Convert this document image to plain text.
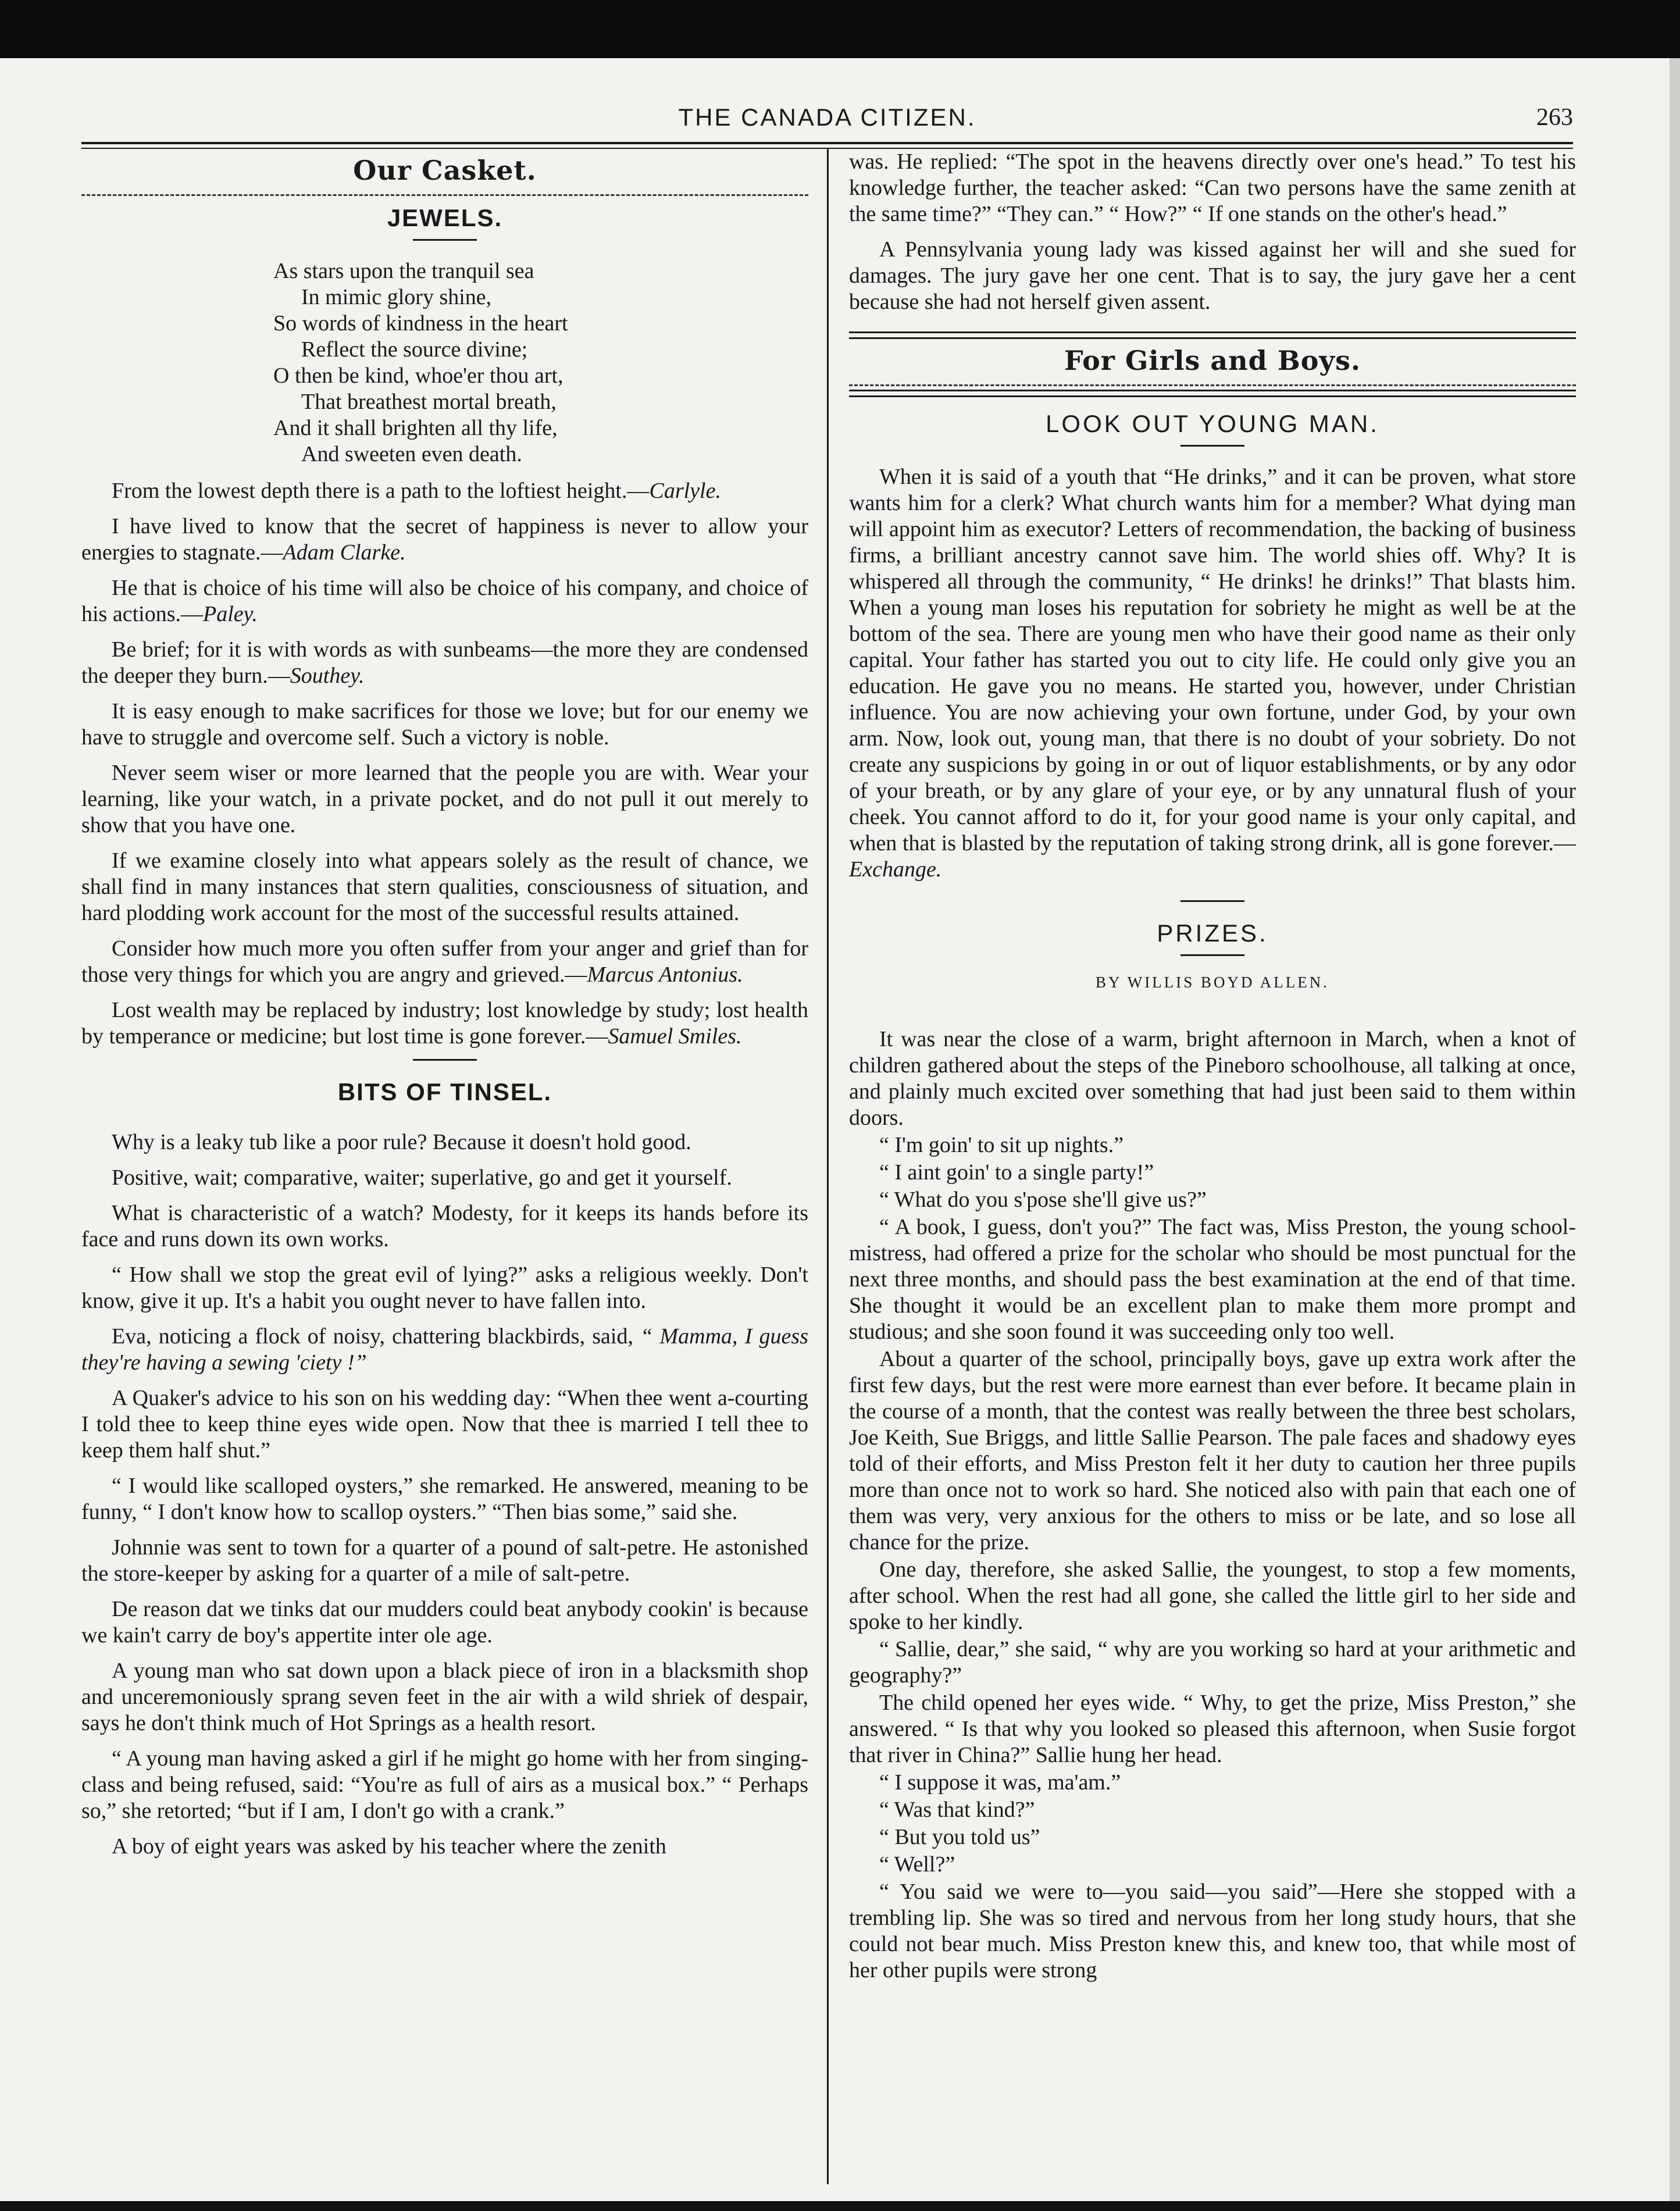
THE CANADA CITIZEN.	263
Our Casket.
JEWELS.
As stars upon the tranquil sea
In mimic glory shine,
So words of kindness in the heart
Reflect the source divine;
O then be kind, whoe'er thou art,
That breathest mortal breath,
And it shall brighten all thy life,
And sweeten even death.

From the lowest depth there is a path to the loftiest height.—Carlyle.

I have lived to know that the secret of happiness is never to allow your energies to stagnate.—Adam Clarke.

He that is choice of his time will also be choice of his company, and choice of his actions.—Paley.

Be brief; for it is with words as with sunbeams—the more they are condensed the deeper they burn.—Southey.

It is easy enough to make sacrifices for those we love; but for our enemy we have to struggle and overcome self. Such a victory is noble.

Never seem wiser or more learned that the people you are with. Wear your learning, like your watch, in a private pocket, and do not pull it out merely to show that you have one.

If we examine closely into what appears solely as the result of chance, we shall find in many instances that stern qualities, consciousness of situation, and hard plodding work account for the most of the successful results attained.

Consider how much more you often suffer from your anger and grief than for those very things for which you are angry and grieved.—Marcus Antonius.

Lost wealth may be replaced by industry; lost knowledge by study; lost health by temperance or medicine; but lost time is gone forever.—Samuel Smiles.

BITS OF TINSEL.

Why is a leaky tub like a poor rule? Because it doesn't hold good.

Positive, wait; comparative, waiter; superlative, go and get it yourself.

What is characteristic of a watch? Modesty, for it keeps its hands before its face and runs down its own works.

“ How shall we stop the great evil of lying?” asks a religious weekly. Don't know, give it up. It's a habit you ought never to have fallen into.

Eva, noticing a flock of noisy, chattering blackbirds, said, “ Mamma, I guess they're having a sewing 'ciety !”

A Quaker's advice to his son on his wedding day: “When thee went a-courting I told thee to keep thine eyes wide open. Now that thee is married I tell thee to keep them half shut.”

“ I would like scalloped oysters,” she remarked. He answered, meaning to be funny, “ I don't know how to scallop oysters.” “Then bias some,” said she.

Johnnie was sent to town for a quarter of a pound of salt-petre. He astonished the store-keeper by asking for a quarter of a mile of salt-petre.

De reason dat we tinks dat our mudders could beat anybody cookin' is because we kain't carry de boy's appertite inter ole age.

A young man who sat down upon a black piece of iron in a blacksmith shop and unceremoniously sprang seven feet in the air with a wild shriek of despair, says he don't think much of Hot Springs as a health resort.

“ A young man having asked a girl if he might go home with her from singing-class and being refused, said: “You're as full of airs as a musical box.” “ Perhaps so,” she retorted; “but if I am, I don't go with a crank.”

A boy of eight years was asked by his teacher where the zenith

was. He replied: “The spot in the heavens directly over one's head.” To test his knowledge further, the teacher asked: “Can two persons have the same zenith at the same time?” “They can.” “ How?” “ If one stands on the other's head.”

A Pennsylvania young lady was kissed against her will and she sued for damages. The jury gave her one cent. That is to say, the jury gave her a cent because she had not herself given assent.

For Girls and Boys.
LOOK OUT YOUNG MAN.

When it is said of a youth that “He drinks,” and it can be proven, what store wants him for a clerk? What church wants him for a member? What dying man will appoint him as executor? Letters of recommendation, the backing of business firms, a brilliant ancestry cannot save him. The world shies off. Why? It is whispered all through the community, “ He drinks! he drinks!” That blasts him. When a young man loses his reputation for sobriety he might as well be at the bottom of the sea. There are young men who have their good name as their only capital. Your father has started you out to city life. He could only give you an education. He gave you no means. He started you, however, under Christian influence. You are now achieving your own fortune, under God, by your own arm. Now, look out, young man, that there is no doubt of your sobriety. Do not create any suspicions by going in or out of liquor establishments, or by any odor of your breath, or by any glare of your eye, or by any unnatural flush of your cheek. You cannot afford to do it, for your good name is your only capital, and when that is blasted by the reputation of taking strong drink, all is gone forever.—Exchange.

PRIZES.
BY WILLIS BOYD ALLEN.

It was near the close of a warm, bright afternoon in March, when a knot of children gathered about the steps of the Pineboro schoolhouse, all talking at once, and plainly much excited over something that had just been said to them within doors.

“ I'm goin' to sit up nights.”
“ I aint goin' to a single party!”
“ What do you s'pose she'll give us?”

“ A book, I guess, don't you?” The fact was, Miss Preston, the young school-mistress, had offered a prize for the scholar who should be most punctual for the next three months, and should pass the best examination at the end of that time. She thought it would be an excellent plan to make them more prompt and studious; and she soon found it was succeeding only too well.

About a quarter of the school, principally boys, gave up extra work after the first few days, but the rest were more earnest than ever before. It became plain in the course of a month, that the contest was really between the three best scholars, Joe Keith, Sue Briggs, and little Sallie Pearson. The pale faces and shadowy eyes told of their efforts, and Miss Preston felt it her duty to caution her three pupils more than once not to work so hard. She noticed also with pain that each one of them was very, very anxious for the others to miss or be late, and so lose all chance for the prize.

One day, therefore, she asked Sallie, the youngest, to stop a few moments, after school. When the rest had all gone, she called the little girl to her side and spoke to her kindly.

“ Sallie, dear,” she said, “ why are you working so hard at your arithmetic and geography?”

The child opened her eyes wide. “ Why, to get the prize, Miss Preston,” she answered. “ Is that why you looked so pleased this afternoon, when Susie forgot that river in China?” Sallie hung her head.

“ I suppose it was, ma'am.”
“ Was that kind?”
“ But you told us”
“ Well?”

“ You said we were to—you said—you said”—Here she stopped with a trembling lip. She was so tired and nervous from her long study hours, that she could not bear much. Miss Preston knew this, and knew too, that while most of her other pupils were strong
